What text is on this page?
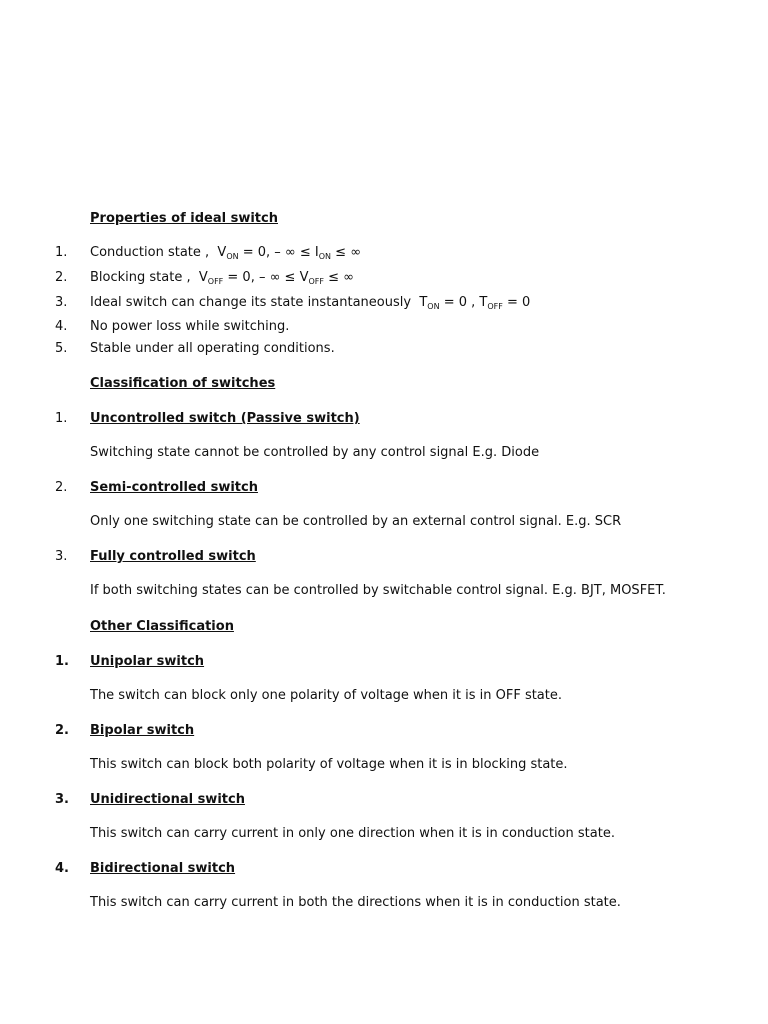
Properties of ideal switch
1. Conduction state , $V_{ON} = 0$, – ∞ ≤ $I_{ON}$ ≤ ∞
2. Blocking state , $V_{OFF} = 0$, – ∞ ≤ $V_{OFF}$ ≤ ∞
3. Ideal switch can change its state instantaneously $T_{ON} = 0$ , $T_{OFF} = 0$
4. No power loss while switching.
5. Stable under all operating conditions.
Classification of switches
1. Uncontrolled switch (Passive switch)
Switching state cannot be controlled by any control signal E.g. Diode
2. Semi-controlled switch
Only one switching state can be controlled by an external control signal. E.g. SCR
3. Fully controlled switch
If both switching states can be controlled by switchable control signal. E.g. BJT, MOSFET.
Other Classification
1. Unipolar switch
The switch can block only one polarity of voltage when it is in OFF state.
2. Bipolar switch
This switch can block both polarity of voltage when it is in blocking state.
3. Unidirectional switch
This switch can carry current in only one direction when it is in conduction state.
4. Bidirectional switch
This switch can carry current in both the directions when it is in conduction state.
